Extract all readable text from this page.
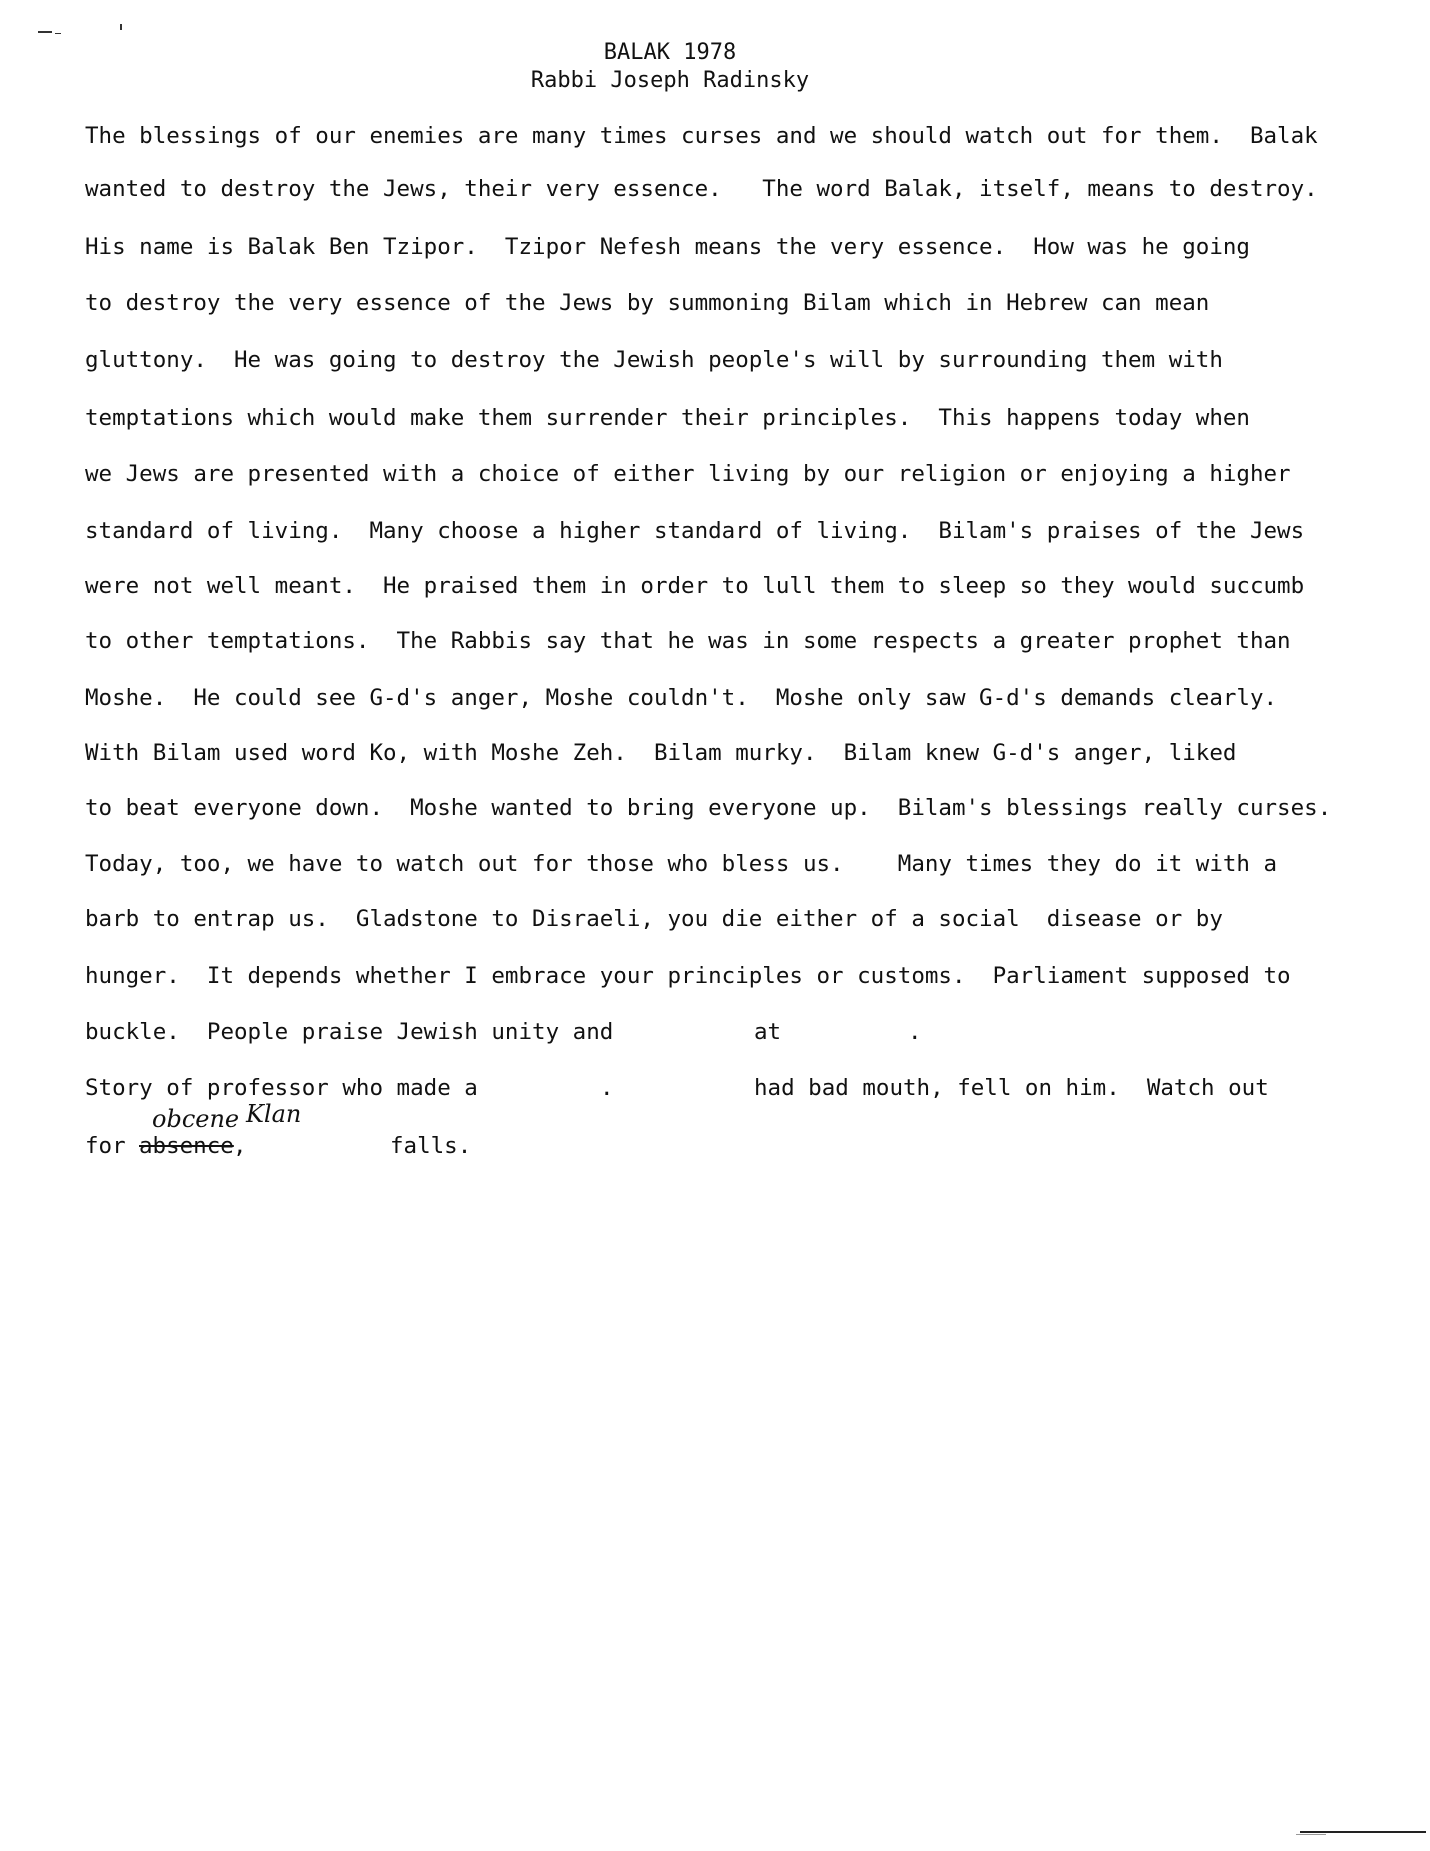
BALAK 1978
Rabbi Joseph Radinsky
The blessings of our enemies are many times curses and we should watch out for them.  Balak
wanted to destroy the Jews, their very essence.   The word Balak, itself, means to destroy.
His name is Balak Ben Tzipor.  Tzipor Nefesh means the very essence.  How was he going
to destroy the very essence of the Jews by summoning Bilam which in Hebrew can mean
gluttony.  He was going to destroy the Jewish people's will by surrounding them with
temptations which would make them surrender their principles.  This happens today when
we Jews are presented with a choice of either living by our religion or enjoying a higher
standard of living.  Many choose a higher standard of living.  Bilam's praises of the Jews
were not well meant.  He praised them in order to lull them to sleep so they would succumb
to other temptations.  The Rabbis say that he was in some respects a greater prophet than
Moshe.  He could see G-d's anger, Moshe couldn't.  Moshe only saw G-d's demands clearly.
With Bilam used word Ko, with Moshe Zeh.  Bilam murky.  Bilam knew G-d's anger, liked
to beat everyone down.  Moshe wanted to bring everyone up.  Bilam's blessings really curses.
Today, too, we have to watch out for those who bless us.    Many times they do it with a
barb to entrap us.  Gladstone to Disraeli, you die either of a social  disease or by
hunger.  It depends whether I embrace your principles or customs.  Parliament supposed to
buckle.  People praise Jewish unity and	at	.
Story of professor who made a	.	had bad mouth, fell on him.  Watch out
for absence ,	falls.
obcene Klan
